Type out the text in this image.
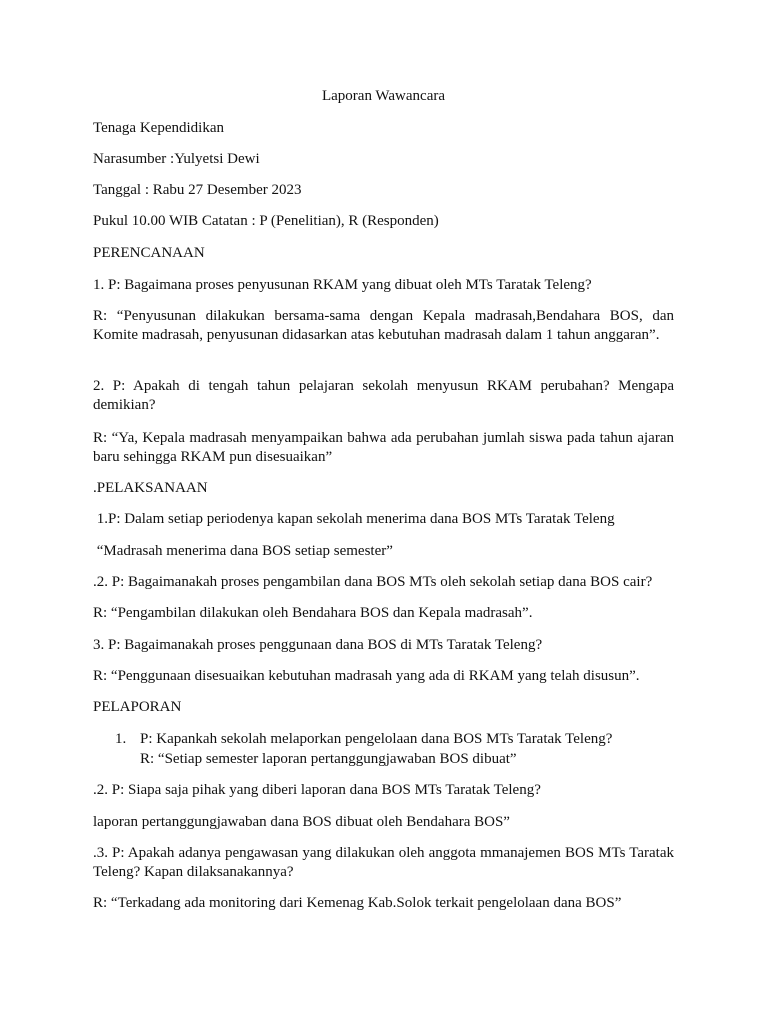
Laporan Wawancara
Tenaga Kependidikan
Narasumber :Yulyetsi Dewi
Tanggal : Rabu 27 Desember 2023
Pukul 10.00 WIB Catatan : P (Penelitian), R (Responden)
PERENCANAAN
1. P: Bagaimana proses penyusunan RKAM yang dibuat oleh MTs Taratak Teleng?
R: “Penyusunan dilakukan bersama-sama dengan Kepala madrasah,Bendahara BOS, dan Komite madrasah, penyusunan didasarkan atas kebutuhan madrasah dalam 1 tahun anggaran”.
2. P: Apakah di tengah tahun pelajaran sekolah menyusun RKAM perubahan? Mengapa demikian?
R: “Ya, Kepala madrasah menyampaikan bahwa ada perubahan jumlah siswa pada tahun ajaran baru sehingga RKAM pun disesuaikan”
.PELAKSANAAN
1.P: Dalam setiap periodenya kapan sekolah menerima dana BOS MTs Taratak Teleng
“Madrasah menerima dana BOS setiap semester”
.2. P: Bagaimanakah proses pengambilan dana BOS MTs oleh sekolah setiap dana BOS cair?
R: “Pengambilan dilakukan oleh Bendahara BOS dan Kepala madrasah”.
3. P: Bagaimanakah proses penggunaan dana BOS di MTs Taratak Teleng?
R: “Penggunaan disesuaikan kebutuhan madrasah yang ada di RKAM yang telah disusun”.
PELAPORAN
1. P: Kapankah sekolah melaporkan pengelolaan dana BOS MTs Taratak Teleng?
R: “Setiap semester laporan pertanggungjawaban BOS dibuat”
.2. P: Siapa saja pihak yang diberi laporan dana BOS MTs Taratak Teleng?
laporan pertanggungjawaban dana BOS dibuat oleh Bendahara BOS”
.3. P: Apakah adanya pengawasan yang dilakukan oleh anggota mmanajemen BOS MTs Taratak Teleng? Kapan dilaksanakannya?
R: “Terkadang ada monitoring dari Kemenag Kab.Solok terkait pengelolaan dana BOS”
